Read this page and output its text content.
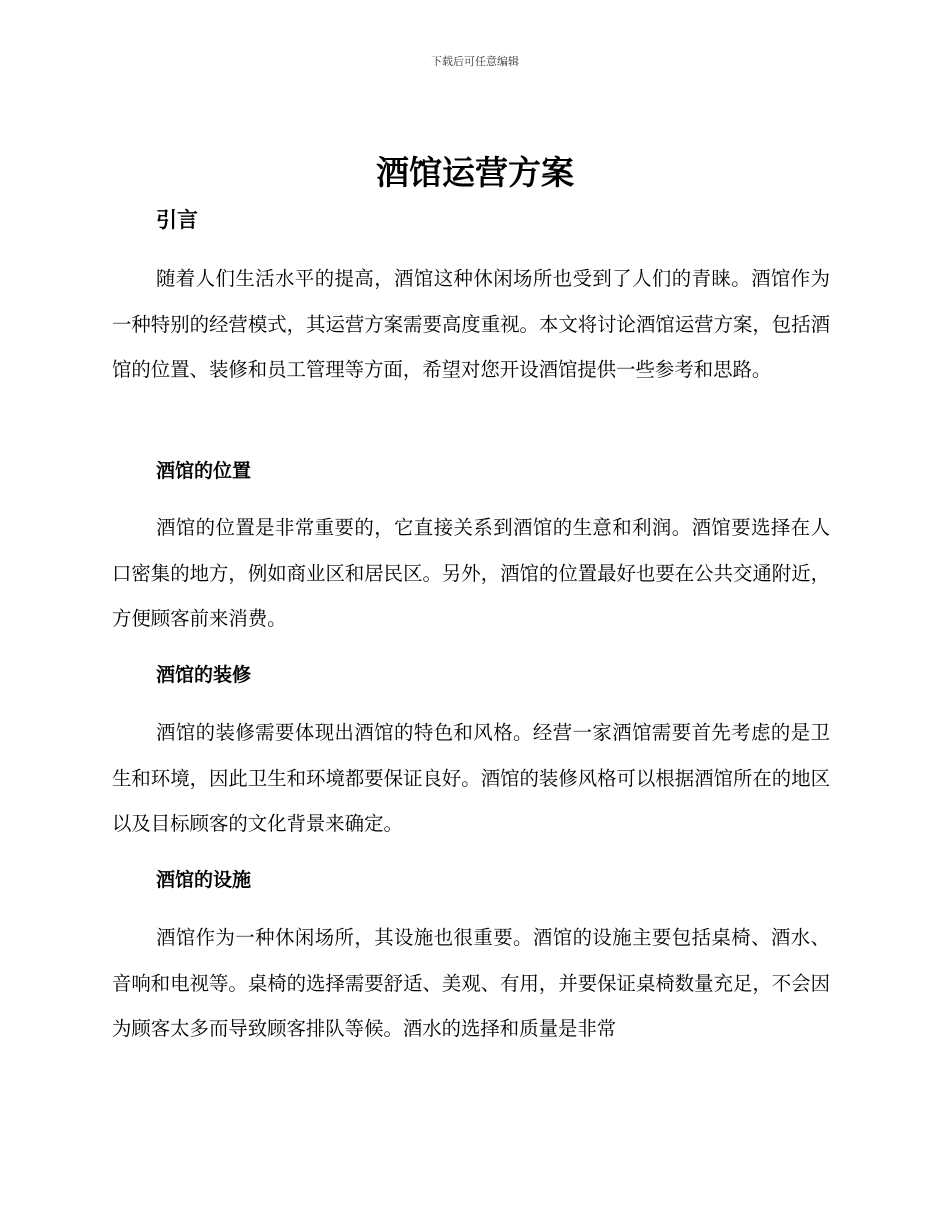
下载后可任意编辑
酒馆运营方案
引言

随着人们生活水平的提高，酒馆这种休闲场所也受到了人们的青睐。酒馆作为一种特别的经营模式，其运营方案需要高度重视。本文将讨论酒馆运营方案，包括酒馆的位置、装修和员工管理等方面，希望对您开设酒馆提供一些参考和思路。

酒馆的位置

酒馆的位置是非常重要的，它直接关系到酒馆的生意和利润。酒馆要选择在人口密集的地方，例如商业区和居民区。另外，酒馆的位置最好也要在公共交通附近，方便顾客前来消费。

酒馆的装修

酒馆的装修需要体现出酒馆的特色和风格。经营一家酒馆需要首先考虑的是卫生和环境，因此卫生和环境都要保证良好。酒馆的装修风格可以根据酒馆所在的地区以及目标顾客的文化背景来确定。

酒馆的设施

酒馆作为一种休闲场所，其设施也很重要。酒馆的设施主要包括桌椅、酒水、音响和电视等。桌椅的选择需要舒适、美观、有用，并要保证桌椅数量充足，不会因为顾客太多而导致顾客排队等候。酒水的选择和质量是非常
